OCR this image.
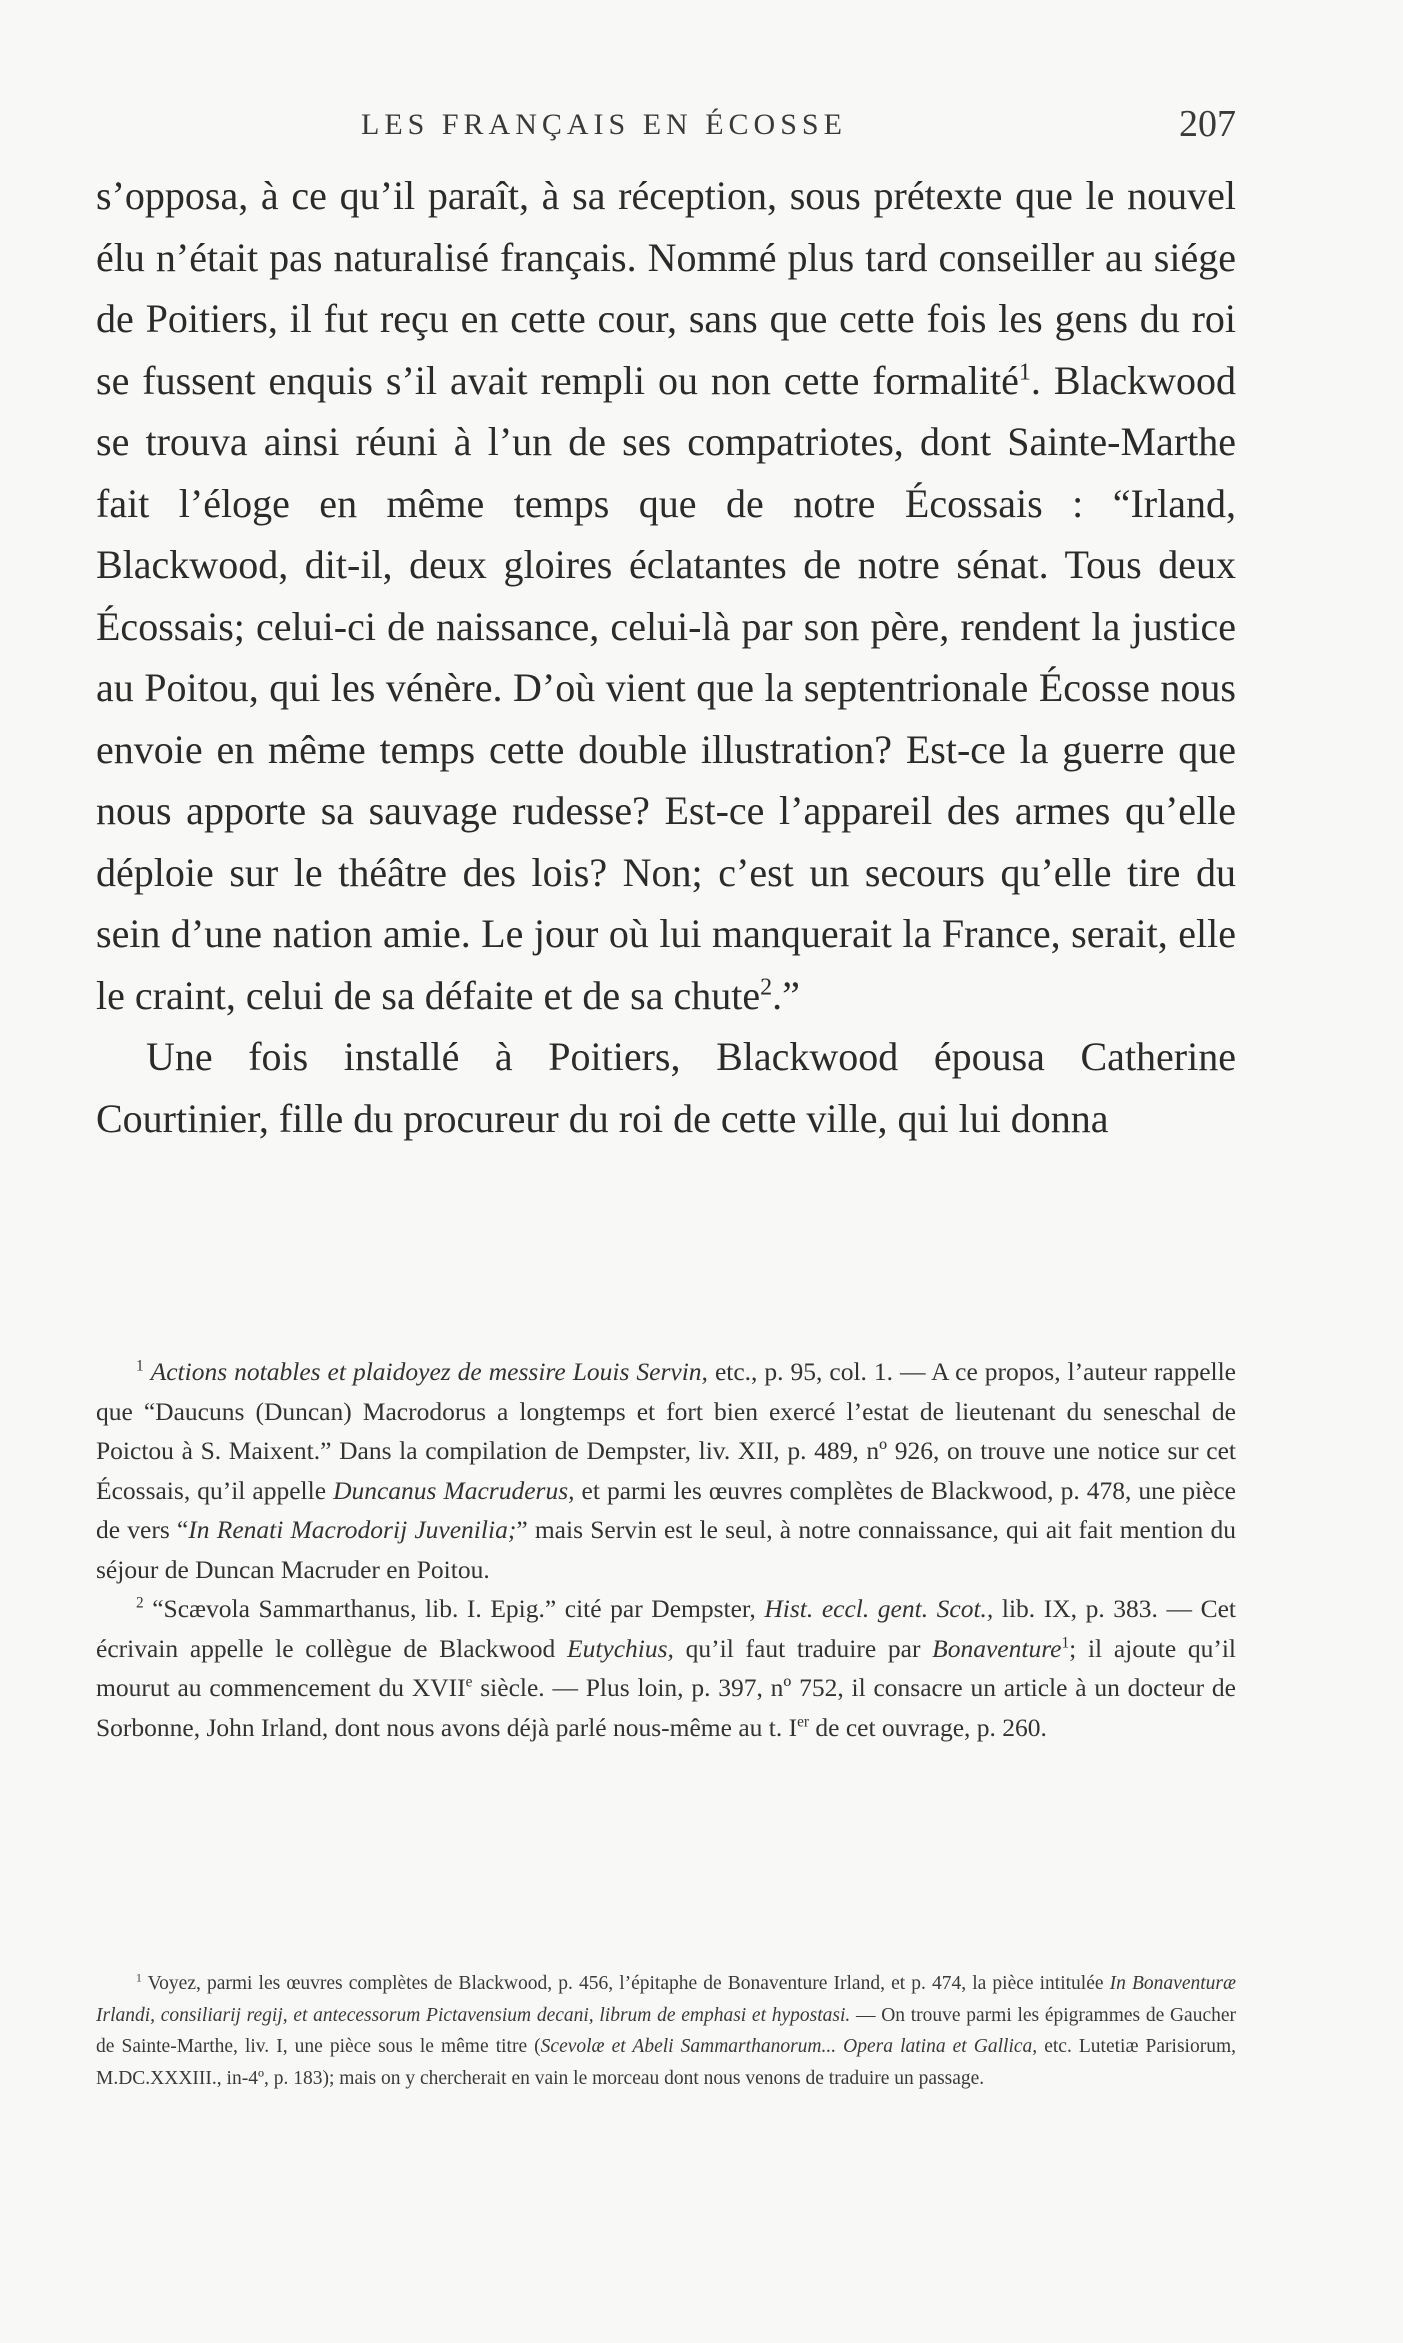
LES FRANÇAIS EN ÉCOSSE	207

s’opposa, à ce qu’il paraît, à sa réception, sous prétexte que le nouvel élu n’était pas naturalisé français. Nommé plus tard conseiller au siége de Poitiers, il fut reçu en cette cour, sans que cette fois les gens du roi se fussent enquis s’il avait rempli ou non cette formalité$^1$. Blackwood se trouva ainsi réuni à l’un de ses compatriotes, dont Sainte-Marthe fait l’éloge en même temps que de notre Écossais : “Irland, Blackwood, dit-il, deux gloires éclatantes de notre sénat. Tous deux Écossais; celui-ci de naissance, celui-là par son père, rendent la justice au Poitou, qui les vénère. D’où vient que la septentrionale Écosse nous envoie en même temps cette double illustration? Est-ce la guerre que nous apporte sa sauvage rudesse? Est-ce l’appareil des armes qu’elle déploie sur le théâtre des lois? Non; c’est un secours qu’elle tire du sein d’une nation amie. Le jour où lui manquerait la France, serait, elle le craint, celui de sa défaite et de sa chute$^2$.”

Une fois installé à Poitiers, Blackwood épousa Catherine Courtinier, fille du procureur du roi de cette ville, qui lui donna

$^1$ Actions notables et plaidoyez de messire Louis Servin, etc., p. 95, col. 1. — A ce propos, l’auteur rappelle que “Daucuns (Duncan) Macrodorus a longtemps et fort bien exercé l’estat de lieutenant du seneschal de Poictou à S. Maixent.” Dans la compilation de Dempster, liv. XII, p. 489, nº 926, on trouve une notice sur cet Écossais, qu’il appelle Duncanus Macruderus, et parmi les œuvres complètes de Blackwood, p. 478, une pièce de vers “In Renati Macrodorij Juvenilia;” mais Servin est le seul, à notre connaissance, qui ait fait mention du séjour de Duncan Macruder en Poitou.

$^2$ “Scævola Sammarthanus, lib. I. Epig.” cité par Dempster, Hist. eccl. gent. Scot., lib. IX, p. 383. — Cet écrivain appelle le collègue de Blackwood Eutychius, qu’il faut traduire par Bonaventure$^1$; il ajoute qu’il mourut au commencement du XVIIe siècle. — Plus loin, p. 397, nº 752, il consacre un article à un docteur de Sorbonne, John Irland, dont nous avons déjà parlé nous-même au t. Ier de cet ouvrage, p. 260.

$^1$ Voyez, parmi les œuvres complètes de Blackwood, p. 456, l’épitaphe de Bonaventure Irland, et p. 474, la pièce intitulée In Bonaventuræ Irlandi, consiliarij regij, et antecessorum Pictavensium decani, librum de emphasi et hypostasi. — On trouve parmi les épigrammes de Gaucher de Sainte-Marthe, liv. I, une pièce sous le même titre (Scevolæ et Abeli Sammarthanorum... Opera latina et Gallica, etc. Lutetiæ Parisiorum, M.DC.XXXIII., in-4º, p. 183); mais on y chercherait en vain le morceau dont nous venons de traduire un passage.
